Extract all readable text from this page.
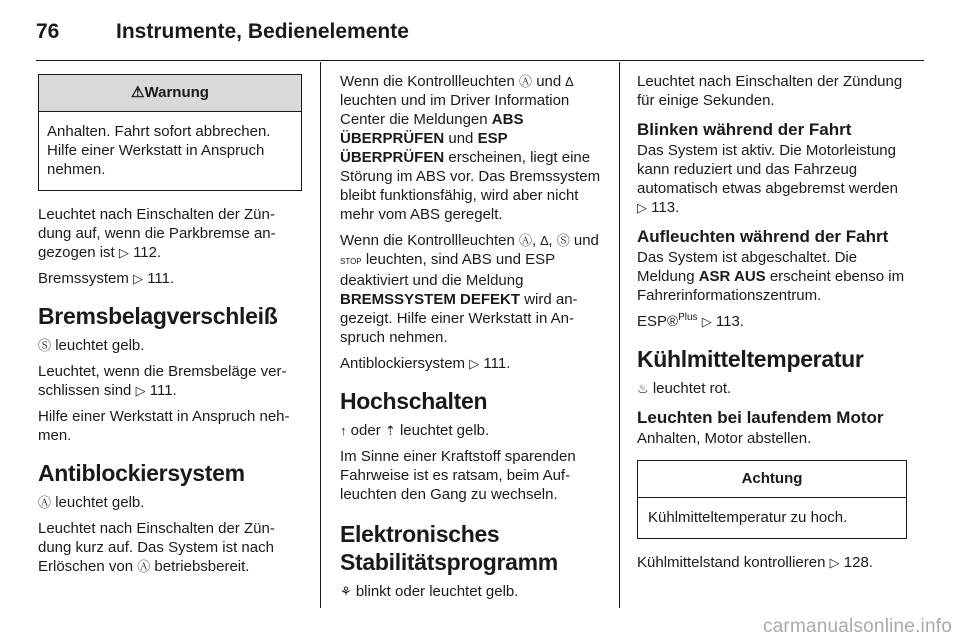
76	Instrumente, Bedienelemente
⚠Warnung

Anhalten. Fahrt sofort abbrechen. Hilfe einer Werkstatt in Anspruch nehmen.

Leuchtet nach Einschalten der Zündung auf, wenn die Parkbremse angezogen ist ▷ 112.

Bremssystem ▷ 111.

Bremsbelagverschleiß

Ⓢ leuchtet gelb.

Leuchtet, wenn die Bremsbeläge verschlissen sind ▷ 111.

Hilfe einer Werkstatt in Anspruch nehmen.

Antiblockiersystem

Ⓐ leuchtet gelb.

Leuchtet nach Einschalten der Zündung kurz auf. Das System ist nach Erlöschen von Ⓐ betriebsbereit.

Wenn die Kontrollleuchten Ⓐ und ∆ leuchten und im Driver Information Center die Meldungen ABS ÜBERPRÜFEN und ESP ÜBERPRÜFEN erscheinen, liegt eine Störung im ABS vor. Das Bremssystem bleibt funktionsfähig, wird aber nicht mehr vom ABS geregelt.

Wenn die Kontrollleuchten Ⓐ, ∆, Ⓢ und STOP leuchten, sind ABS und ESP deaktiviert und die Meldung BREMSSYSTEM DEFEKT wird angezeigt. Hilfe einer Werkstatt in Anspruch nehmen.

Antiblockiersystem ▷ 111.

Hochschalten

↑ oder ⇡ leuchtet gelb.

Im Sinne einer Kraftstoff sparenden Fahrweise ist es ratsam, beim Aufleuchten den Gang zu wechseln.

Elektronisches Stabilitätsprogramm

⚘ blinkt oder leuchtet gelb.

Leuchtet nach Einschalten der Zündung für einige Sekunden.

Blinken während der Fahrt

Das System ist aktiv. Die Motorleistung kann reduziert und das Fahrzeug automatisch etwas abgebremst werden ▷ 113.

Aufleuchten während der Fahrt

Das System ist abgeschaltet. Die Meldung ASR AUS erscheint ebenso im Fahrerinformationszentrum.

ESP®$^{Plus}$ ▷ 113.

Kühlmitteltemperatur

♨ leuchtet rot.

Leuchten bei laufendem Motor

Anhalten, Motor abstellen.

Achtung

Kühlmitteltemperatur zu hoch.

Kühlmittelstand kontrollieren ▷ 128.

carmanualsonline.info
